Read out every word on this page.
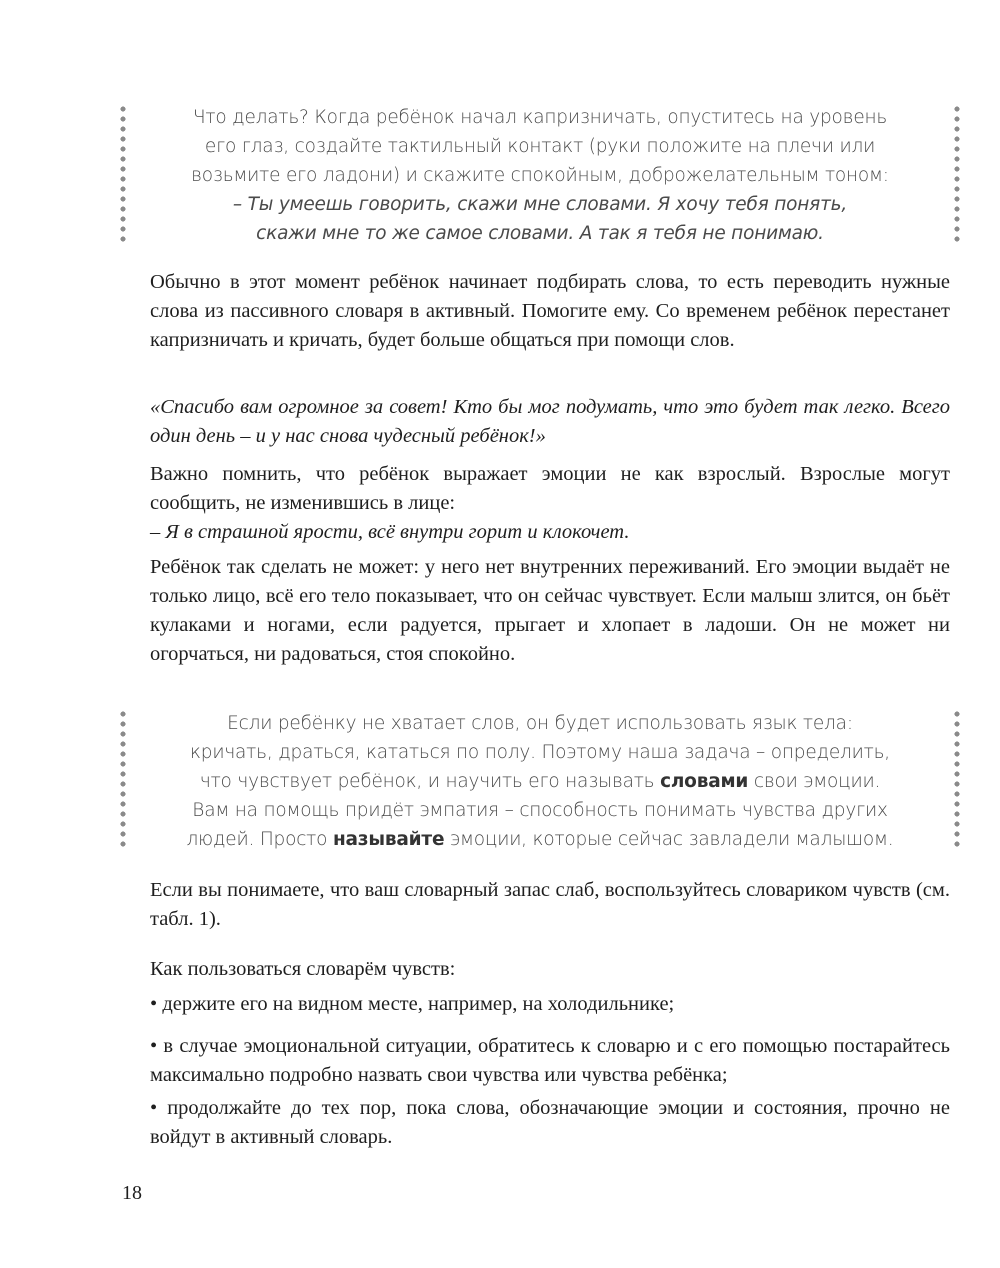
Что делать? Когда ребёнок начал капризничать, опуститесь на уровень
его глаз, создайте тактильный контакт (руки положите на плечи или
возьмите его ладони) и скажите спокойным, доброжелательным тоном:
– Ты умеешь говорить, скажи мне словами. Я хочу тебя понять,
скажи мне то же самое словами. А так я тебя не понимаю.

Обычно в этот момент ребёнок начинает подбирать слова, то есть переводить нужные слова из пассивного словаря в активный. Помогите ему. Со временем ребёнок перестанет капризничать и кричать, будет больше общаться при помощи слов.

«Спасибо вам огромное за совет! Кто бы мог подумать, что это будет так легко. Всего один день – и у нас снова чудесный ребёнок!»

Важно помнить, что ребёнок выражает эмоции не как взрослый. Взрослые могут сообщить, не изменившись в лице:

– Я в страшной ярости, всё внутри горит и клокочет.

Ребёнок так сделать не может: у него нет внутренних переживаний. Его эмоции выдаёт не только лицо, всё его тело показывает, что он сейчас чувствует. Если малыш злится, он бьёт кулаками и ногами, если радуется, прыгает и хлопает в ладоши. Он не может ни огорчаться, ни радоваться, стоя спокойно.

Если ребёнку не хватает слов, он будет использовать язык тела:
кричать, драться, кататься по полу. Поэтому наша задача – определить,
что чувствует ребёнок, и научить его называть словами свои эмоции.
Вам на помощь придёт эмпатия – способность понимать чувства других
людей. Просто называйте эмоции, которые сейчас завладели малышом.

Если вы понимаете, что ваш словарный запас слаб, воспользуйтесь словариком чувств (см. табл. 1).

Как пользоваться словарём чувств:

• держите его на видном месте, например, на холодильнике;

• в случае эмоциональной ситуации, обратитесь к словарю и с его помощью постарайтесь максимально подробно назвать свои чувства или чувства ребёнка;

• продолжайте до тех пор, пока слова, обозначающие эмоции и состояния, прочно не войдут в активный словарь.

18
